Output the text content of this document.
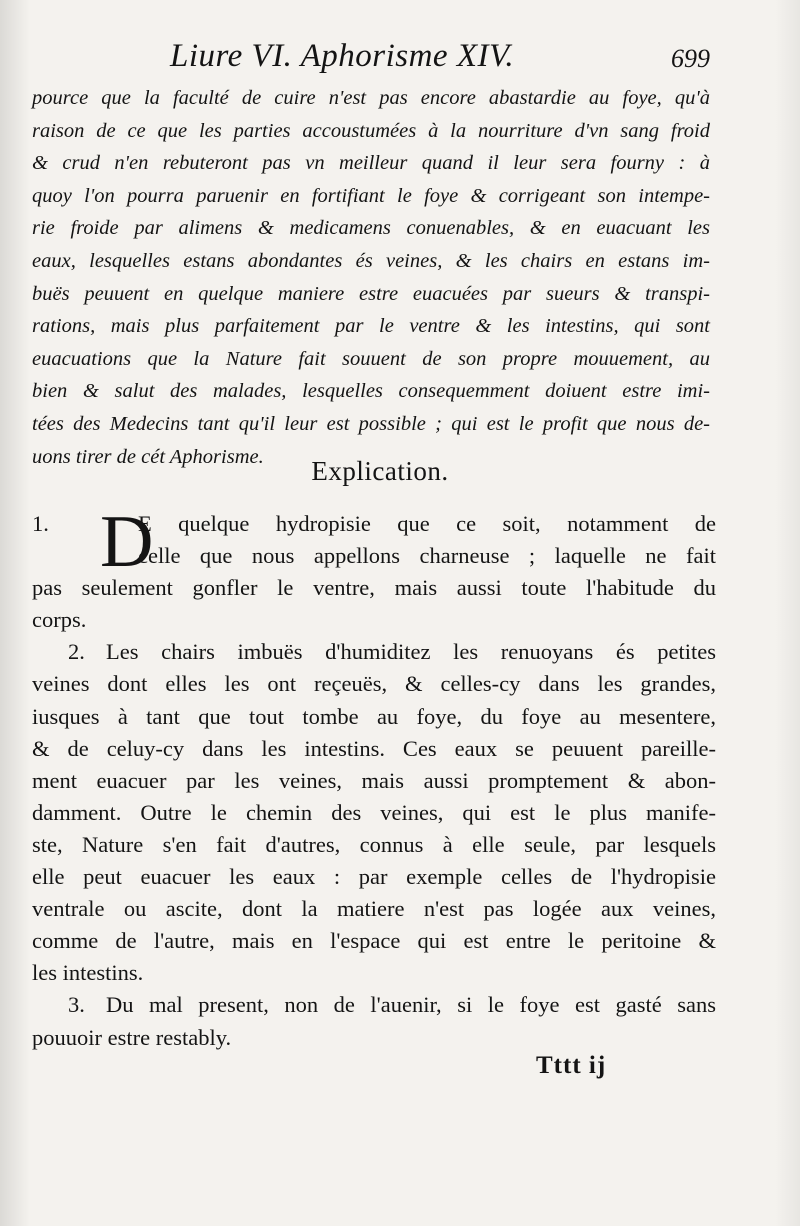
Liure VI. Aphorisme XIV.	699
pource que la faculté de cuire n'est pas encore abastardie au foye, qu'à
raison de ce que les parties accoustumées à la nourriture d'vn sang froid
& crud n'en rebuteront pas vn meilleur quand il leur sera fourny : à
quoy l'on pourra paruenir en fortifiant le foye & corrigeant son intempe-
rie froide par alimens & medicamens conuenables, & en euacuant les
eaux, lesquelles estans abondantes és veines, & les chairs en estans im-
buës peuuent en quelque maniere estre euacuées par sueurs & transpi-
rations, mais plus parfaitement par le ventre & les intestins, qui sont
euacuations que la Nature fait souuent de son propre mouuement, au
bien & salut des malades, lesquelles consequemment doiuent estre imi-
tées des Medecins tant qu'il leur est possible ; qui est le profit que nous de-
uons tirer de cét Aphorisme.	Explication.
1.	E quelque hydropisie que ce soit, notamment de
celle que nous appellons charneuse ; laquelle ne fait
pas seulement gonfler le ventre, mais aussi toute l'habitude du
corps.
2. Les chairs imbuës d'humiditez les renuoyans és petites
veines dont elles les ont reçeuës, & celles-cy dans les grandes,
iusques à tant que tout tombe au foye, du foye au mesentere,
& de celuy-cy dans les intestins. Ces eaux se peuuent pareille-
ment euacuer par les veines, mais aussi promptement & abon-
damment. Outre le chemin des veines, qui est le plus manife-
ste, Nature s'en fait d'autres, connus à elle seule, par lesquels
elle peut euacuer les eaux : par exemple celles de l'hydropisie
ventrale ou ascite, dont la matiere n'est pas logée aux veines,
comme de l'autre, mais en l'espace qui est entre le peritoine &
les intestins.
3. Du mal present, non de l'auenir, si le foye est gasté sans
pouuoir estre restably.
D
Tttt ij
